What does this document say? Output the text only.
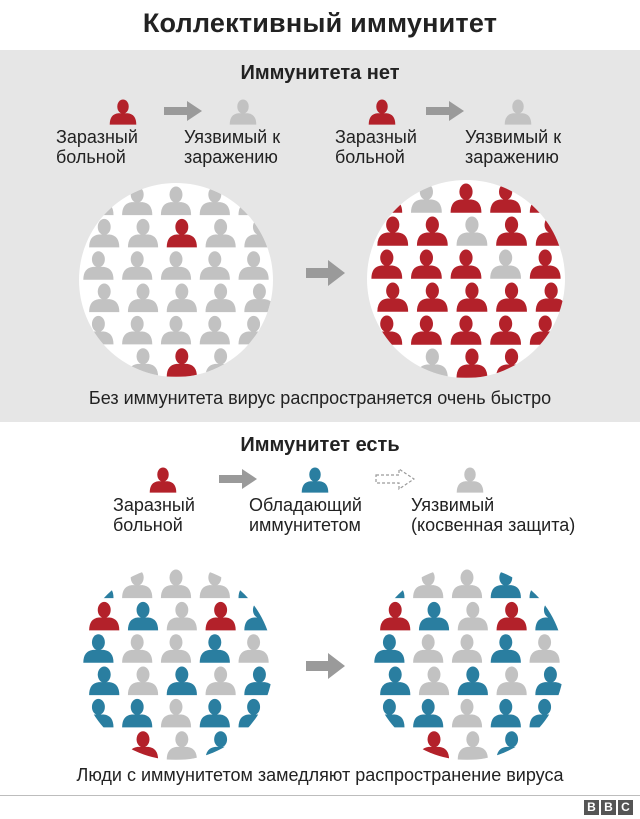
Коллективный иммунитет
Иммунитета нет
Заразный
больной
Уязвимый к
заражению
Заразный
больной
Уязвимый к
заражению
Без иммунитета вирус распространяется очень быстро
Иммунитет есть
Заразный
больной
Обладающий
иммунитетом
Уязвимый
(косвенная защита)
Люди с иммунитетом замедляют распространение вируса
B B C
